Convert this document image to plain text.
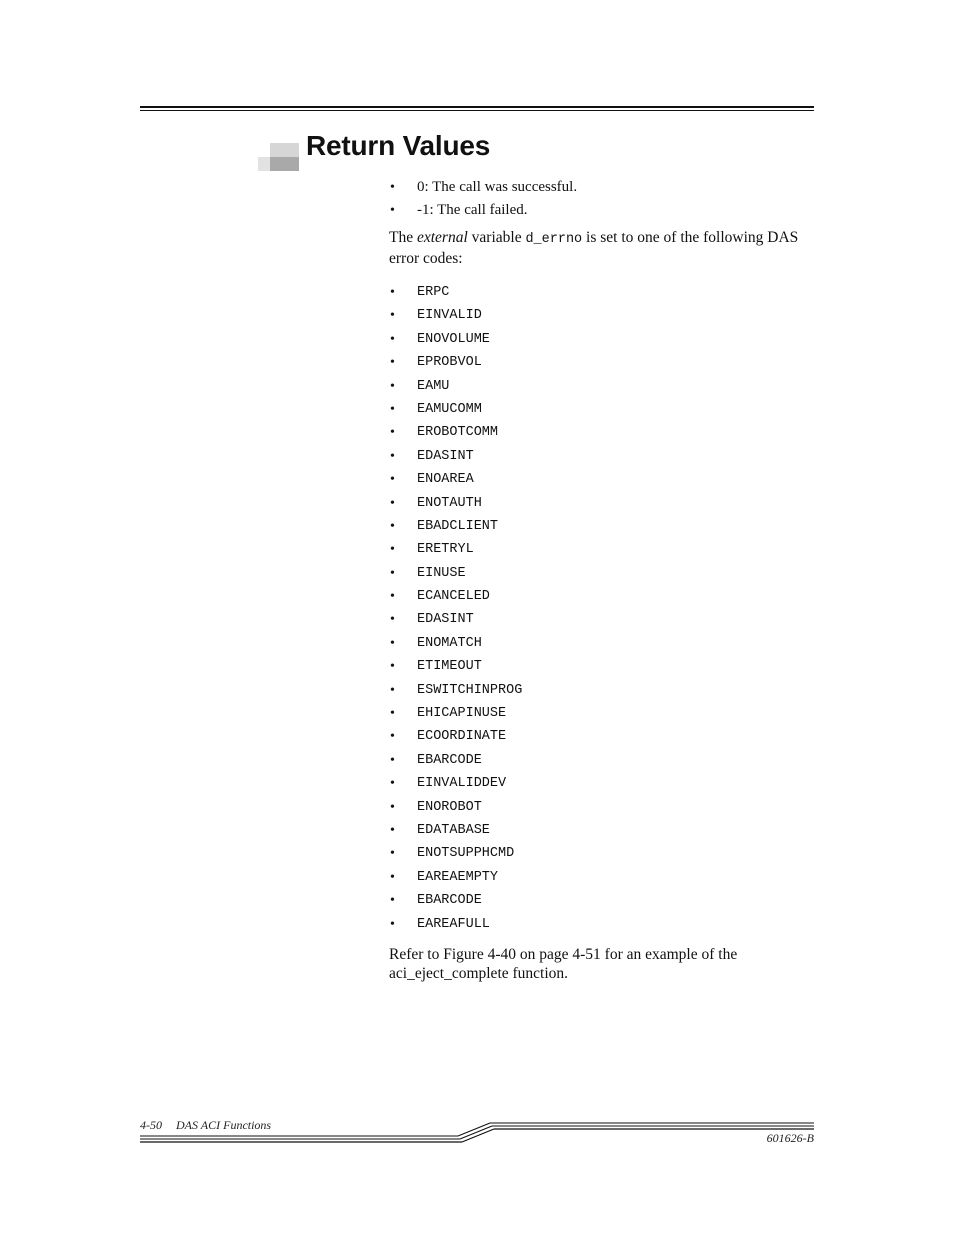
Return Values
• 0: The call was successful.
• -1: The call failed.

The external variable d_errno is set to one of the following DAS error codes:

• ERPC
• EINVALID
• ENOVOLUME
• EPROBVOL
• EAMU
• EAMUCOMM
• EROBOTCOMM
• EDASINT
• ENOAREA
• ENOTAUTH
• EBADCLIENT
• ERETRYL
• EINUSE
• ECANCELED
• EDASINT
• ENOMATCH
• ETIMEOUT
• ESWITCHINPROG
• EHICAPINUSE
• ECOORDINATE
• EBARCODE
• EINVALIDDEV
• ENOROBOT
• EDATABASE
• ENOTSUPPHCMD
• EAREAEMPTY
• EBARCODE
• EAREAFULL

Refer to Figure 4-40 on page 4-51 for an example of the aci_eject_complete function.

4-50 DAS ACI Functions
601626-B
